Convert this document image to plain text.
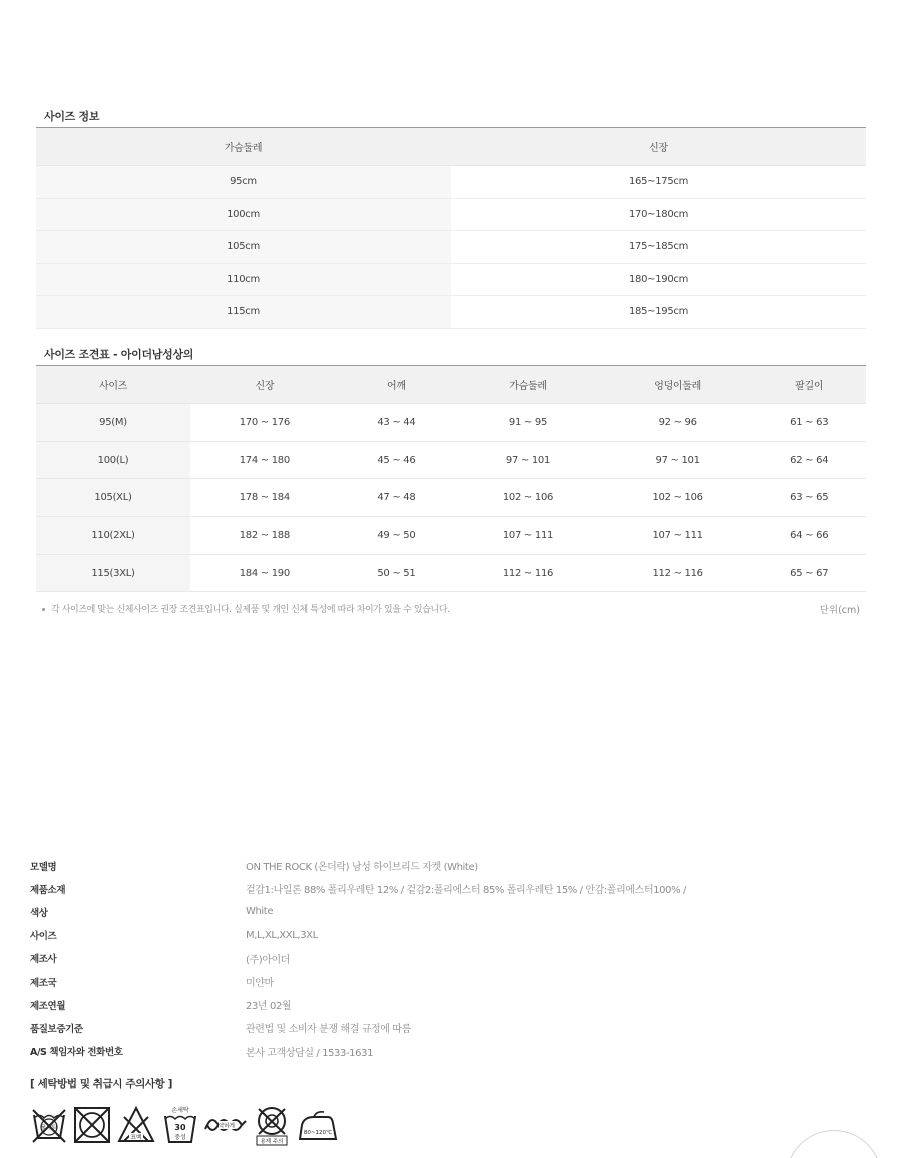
사이즈 정보
가슴둘레	신장
95cm	165~175cm
100cm	170~180cm
105cm	175~185cm
110cm	180~190cm
115cm	185~195cm
사이즈 조견표 - 아이더남성상의
사이즈	신장	어깨	가슴둘레	엉덩이둘레	팔길이
95(M)	170 ~ 176	43 ~ 44	91 ~ 95	92 ~ 96	61 ~ 63
100(L)	174 ~ 180	45 ~ 46	97 ~ 101	97 ~ 101	62 ~ 64
105(XL)	178 ~ 184	47 ~ 48	102 ~ 106	102 ~ 106	63 ~ 65
110(2XL)	182 ~ 188	49 ~ 50	107 ~ 111	107 ~ 111	64 ~ 66
115(3XL)	184 ~ 190	50 ~ 51	112 ~ 116	112 ~ 116	65 ~ 67
각 사이즈에 맞는 신체사이즈 권장 조견표입니다. 실제품 및 개인 신체 특성에 따라 차이가 있을 수 있습니다.	단위(cm)
모델명	ON THE ROCK (온더락) 남성 하이브리드 자켓 (White)
제품소재	겉감1:나일론 88% 폴리우레탄 12% / 겉감2:폴리에스터 85% 폴리우레탄 15% / 안감:폴리에스터100% /
색상	White
사이즈	M,L,XL,XXL,3XL
제조사	(주)아이더
제조국	미얀마
제조연월	23년 02월
품질보증기준	관련법 및 소비자 분쟁 해결 규정에 따름
A/S 책임자와 전화번호	본사 고객상담실 / 1533-1631
[ 세탁방법 및 취급시 주의사항 ]
물세탁
표백
손세탁
30
중성
약하게
용제 주의
80~120℃
